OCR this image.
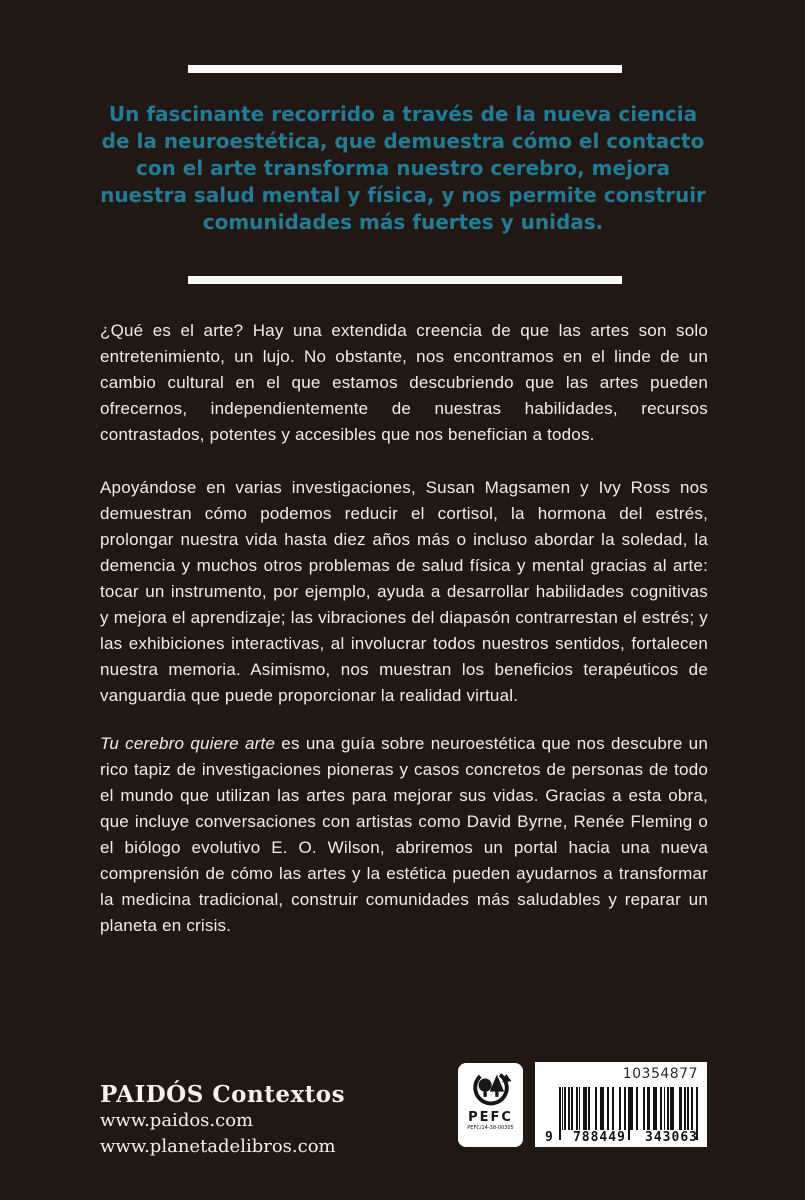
Un fascinante recorrido a través de la nueva ciencia de la neuroestética, que demuestra cómo el contacto con el arte transforma nuestro cerebro, mejora nuestra salud mental y física, y nos permite construir comunidades más fuertes y unidas.

¿Qué es el arte? Hay una extendida creencia de que las artes son solo entretenimiento, un lujo. No obstante, nos encontramos en el linde de un cambio cultural en el que estamos descubriendo que las artes pueden ofrecernos, independientemente de nuestras habilidades, recursos contrastados, potentes y accesibles que nos benefician a todos.

Apoyándose en varias investigaciones, Susan Magsamen y Ivy Ross nos demuestran cómo podemos reducir el cortisol, la hormona del estrés, prolongar nuestra vida hasta diez años más o incluso abordar la soledad, la demencia y muchos otros problemas de salud física y mental gracias al arte: tocar un instrumento, por ejemplo, ayuda a desarrollar habilidades cognitivas y mejora el aprendizaje; las vibraciones del diapasón contrarrestan el estrés; y las exhibiciones interactivas, al involucrar todos nuestros sentidos, fortalecen nuestra memoria. Asimismo, nos muestran los beneficios terapéuticos de vanguardia que puede proporcionar la realidad virtual.

Tu cerebro quiere arte es una guía sobre neuroestética que nos descubre un rico tapiz de investigaciones pioneras y casos concretos de personas de todo el mundo que utilizan las artes para mejorar sus vidas. Gracias a esta obra, que incluye conversaciones con artistas como David Byrne, Renée Fleming o el biólogo evolutivo E. O. Wilson, abriremos un portal hacia una nueva comprensión de cómo las artes y la estética pueden ayudarnos a transformar la medicina tradicional, construir comunidades más saludables y reparar un planeta en crisis.

PAIDÓS Contextos
www.paidos.com
www.planetadelibros.com
PEFC
PEFC/14-38-00305
10354877
9 788449 343063
